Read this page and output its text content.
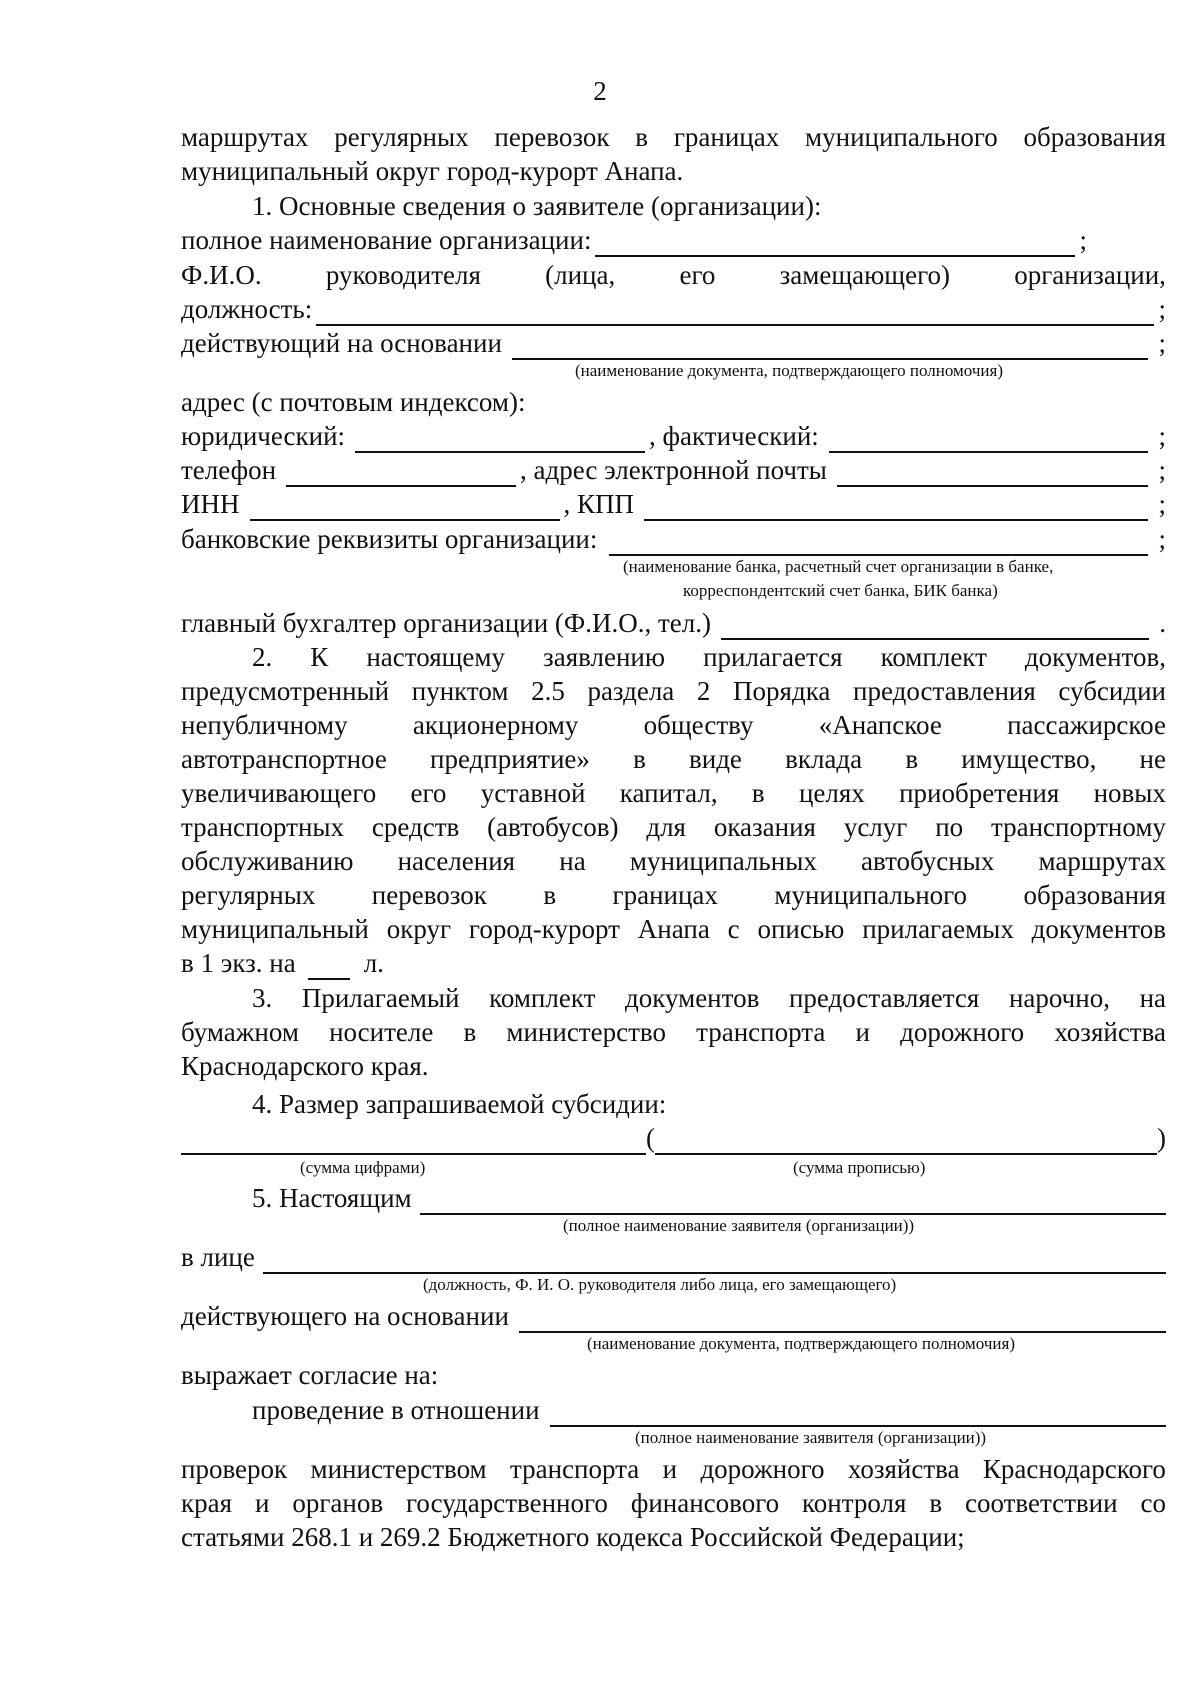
2
маршрутах регулярных перевозок в границах муниципального образования
муниципальный округ город-курорт Анапа.
1. Основные сведения о заявителе (организации):
полное наименование организации:	;
Ф.И.О. руководителя (лица, его замещающего) организации,
должность:	;
действующий на основании	;
(наименование документа, подтверждающего полномочия)
адрес (с почтовым индексом):
юридический:	, фактический:	;
телефон	, адрес электронной почты	;
ИНН	, КПП	;
банковские реквизиты организации:	;
(наименование банка, расчетный счет организации в банке,
корреспондентский счет банка, БИК банка)
главный бухгалтер организации (Ф.И.О., тел.)	.
2. К настоящему заявлению прилагается комплект документов,
предусмотренный пунктом 2.5 раздела 2 Порядка предоставления субсидии
непубличному акционерному обществу «Анапское пассажирское
автотранспортное предприятие» в виде вклада в имущество, не
увеличивающего его уставной капитал, в целях приобретения новых
транспортных средств (автобусов) для оказания услуг по транспортному
обслуживанию населения на муниципальных автобусных маршрутах
регулярных перевозок в границах муниципального образования
муниципальный округ город-курорт Анапа с описью прилагаемых документов
в 1 экз. на	л.
3. Прилагаемый комплект документов предоставляется нарочно, на
бумажном носителе в министерство транспорта и дорожного хозяйства
Краснодарского края.
4. Размер запрашиваемой субсидии:
(	)
(сумма цифрами)	(сумма прописью)
5. Настоящим
(полное наименование заявителя (организации))
в лице
(должность, Ф. И. О. руководителя либо лица, его замещающего)
действующего на основании
(наименование документа, подтверждающего полномочия)
выражает согласие на:
проведение в отношении
(полное наименование заявителя (организации))
проверок министерством транспорта и дорожного хозяйства Краснодарского
края и органов государственного финансового контроля в соответствии со
статьями 268.1 и 269.2 Бюджетного кодекса Российской Федерации;
